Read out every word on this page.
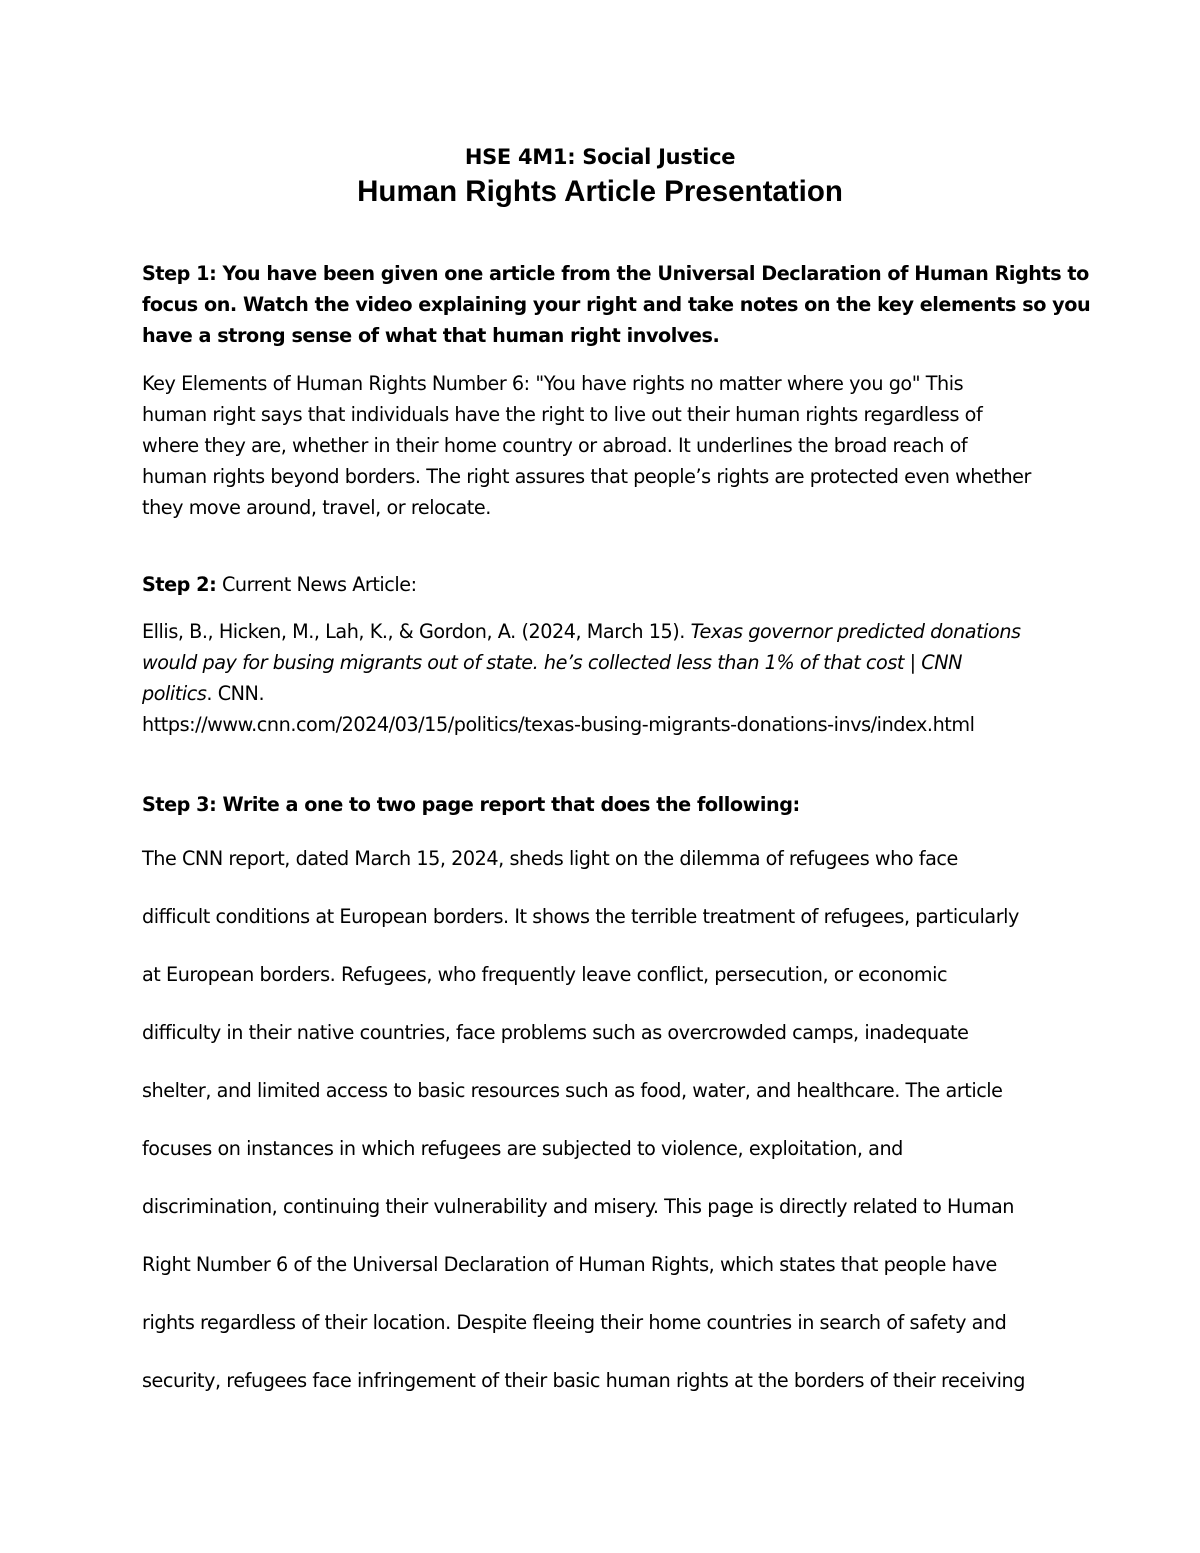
HSE 4M1: Social Justice
Human Rights Article Presentation
Step 1: You have been given one article from the Universal Declaration of Human Rights to
focus on. Watch the video explaining your right and take notes on the key elements so you
have a strong sense of what that human right involves.
Key Elements of Human Rights Number 6: "You have rights no matter where you go" This
human right says that individuals have the right to live out their human rights regardless of
where they are, whether in their home country or abroad. It underlines the broad reach of
human rights beyond borders. The right assures that people’s rights are protected even whether
they move around, travel, or relocate.
Step 2: Current News Article:
Ellis, B., Hicken, M., Lah, K., & Gordon, A. (2024, March 15). Texas governor predicted donations
would pay for busing migrants out of state. he’s collected less than 1% of that cost | CNN
politics. CNN.
https://www.cnn.com/2024/03/15/politics/texas-busing-migrants-donations-invs/index.html
Step 3: Write a one to two page report that does the following:
The CNN report, dated March 15, 2024, sheds light on the dilemma of refugees who face
difficult conditions at European borders. It shows the terrible treatment of refugees, particularly
at European borders. Refugees, who frequently leave conflict, persecution, or economic
difficulty in their native countries, face problems such as overcrowded camps, inadequate
shelter, and limited access to basic resources such as food, water, and healthcare. The article
focuses on instances in which refugees are subjected to violence, exploitation, and
discrimination, continuing their vulnerability and misery. This page is directly related to Human
Right Number 6 of the Universal Declaration of Human Rights, which states that people have
rights regardless of their location. Despite fleeing their home countries in search of safety and
security, refugees face infringement of their basic human rights at the borders of their receiving
